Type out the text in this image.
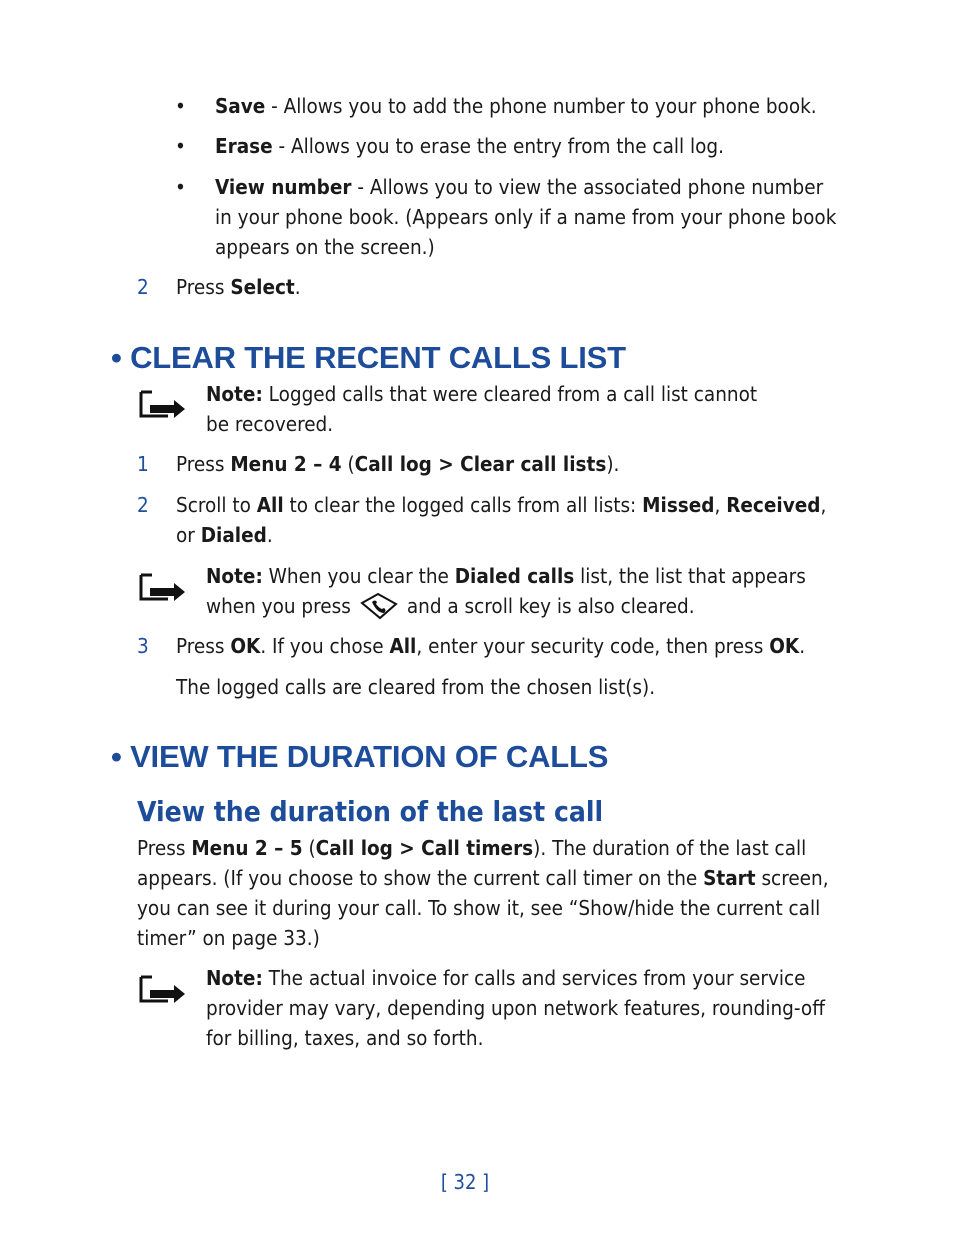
• Save - Allows you to add the phone number to your phone book.
• Erase - Allows you to erase the entry from the call log.
• View number - Allows you to view the associated phone number
in your phone book. (Appears only if a name from your phone book
appears on the screen.)
2 Press Select.
• CLEAR THE RECENT CALLS LIST
Note: Logged calls that were cleared from a call list cannot
be recovered.
1 Press Menu 2 – 4 (Call log > Clear call lists).
2 Scroll to All to clear the logged calls from all lists: Missed, Received,
or Dialed.
Note: When you clear the Dialed calls list, the list that appears
when you press	and a scroll key is also cleared.
3 Press OK. If you chose All, enter your security code, then press OK.
The logged calls are cleared from the chosen list(s).
• VIEW THE DURATION OF CALLS
View the duration of the last call
Press Menu 2 – 5 (Call log > Call timers). The duration of the last call
appears. (If you choose to show the current call timer on the Start screen,
you can see it during your call. To show it, see “Show/hide the current call
timer” on page 33.)
Note: The actual invoice for calls and services from your service
provider may vary, depending upon network features, rounding-off
for billing, taxes, and so forth.
[ 32 ]
